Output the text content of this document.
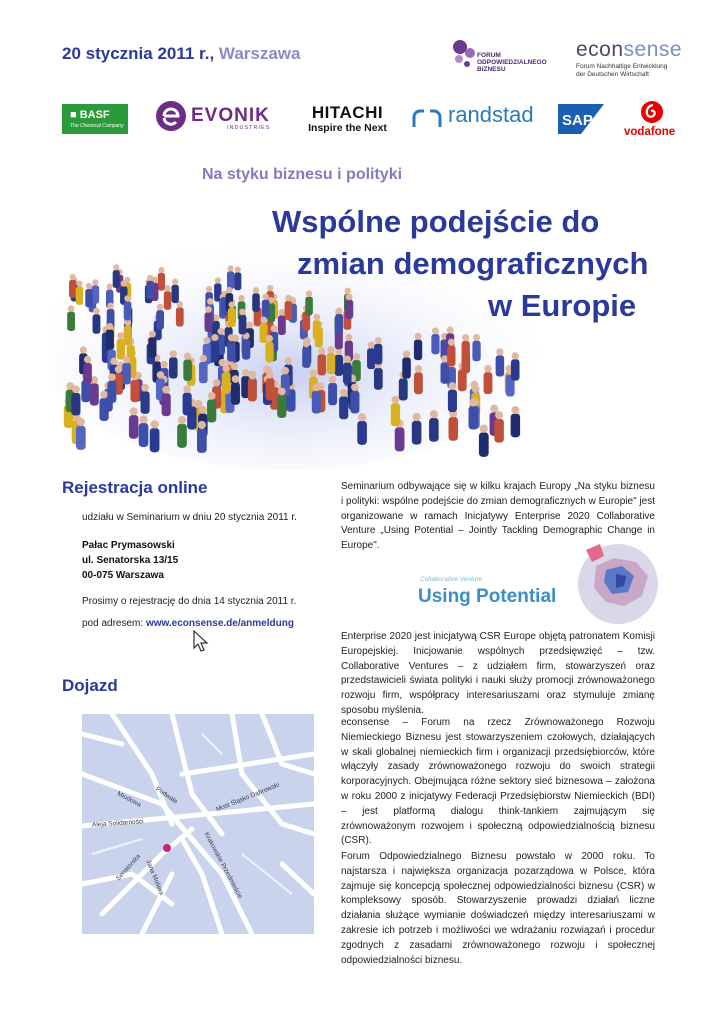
20 stycznia 2011 r., Warszawa	FORUM
ODPOWIEDZIALNEGO
BIZNESU
econsense
Forum Nachhaltige Entwicklung
der Deutschen Wirtschaft
■ BASF
The Chemical Company	EVONIK
INDUSTRIES
HITACHI
Inspire the Next
randstad SAP
vodafone
Na styku biznesu i polityki
Wspólne podejście do
zmian demograficznych
w Europie
Rejestracja online
udziału w Seminarium w dniu 20 stycznia 2011 r.
Pałac Prymasowski
ul. Senatorska 13/15
00-075 Warszawa
Prosimy o rejestrację do dnia 14 stycznia 2011 r.
pod adresem: www.econsense.de/anmeldung
Dojazd
Miodowa Podwale	Most Śląsko Dąbrowski
Aleja Solidarności
Senatorska Jana Moliera	Krakowskie Przedmieście
Seminarium odbywające się w kilku krajach Europy „Na styku biznesu i polityki: wspólne podejście do zmian demograficznych w Europie" jest organizowane w ramach Inicjatywy Enterprise 2020 Collaborative Venture „Using Potential – Jointly Tackling Demographic Change in Europe".
Collaborative Venture
Using Potential
Enterprise 2020 jest inicjatywą CSR Europe objętą patronatem Komisji Europejskiej. Inicjowanie wspólnych przedsięwzięć – tzw. Collaborative Ventures – z udziałem firm, stowarzyszeń oraz przedstawicieli świata polityki i nauki służy promocji zrównoważonego rozwoju firm, współpracy interesariuszami oraz stymuluje zmianę sposobu myślenia.
econsense – Forum na rzecz Zrównoważonego Rozwoju Niemieckiego Biznesu jest stowarzyszeniem czołowych, działających w skali globalnej niemieckich firm i organizacji przedsiębiorców, które włączyły zasady zrównoważonego rozwoju do swoich strategii korporacyjnych. Obejmująca różne sektory sieć biznesowa – założona w roku 2000 z inicjatywy Federacji Przedsiębiorstw Niemieckich (BDI) – jest platformą dialogu think-tankiem zajmującym się zrównoważonym rozwojem i społeczną odpowiedzialnością biznesu (CSR).
Forum Odpowiedzialnego Biznesu powstało w 2000 roku. To najstarsza i największa organizacja pozarządowa w Polsce, która zajmuje się koncepcją społecznej odpowiedzialności biznesu (CSR) w kompleksowy sposób. Stowarzyszenie prowadzi działań liczne działania służące wymianie doświadczeń między interesariuszami w zakresie ich potrzeb i możliwości we wdrażaniu rozwiązań i procedur zgodnych z zasadami zrównoważonego rozwoju i społecznej odpowiedzialności biznesu.
